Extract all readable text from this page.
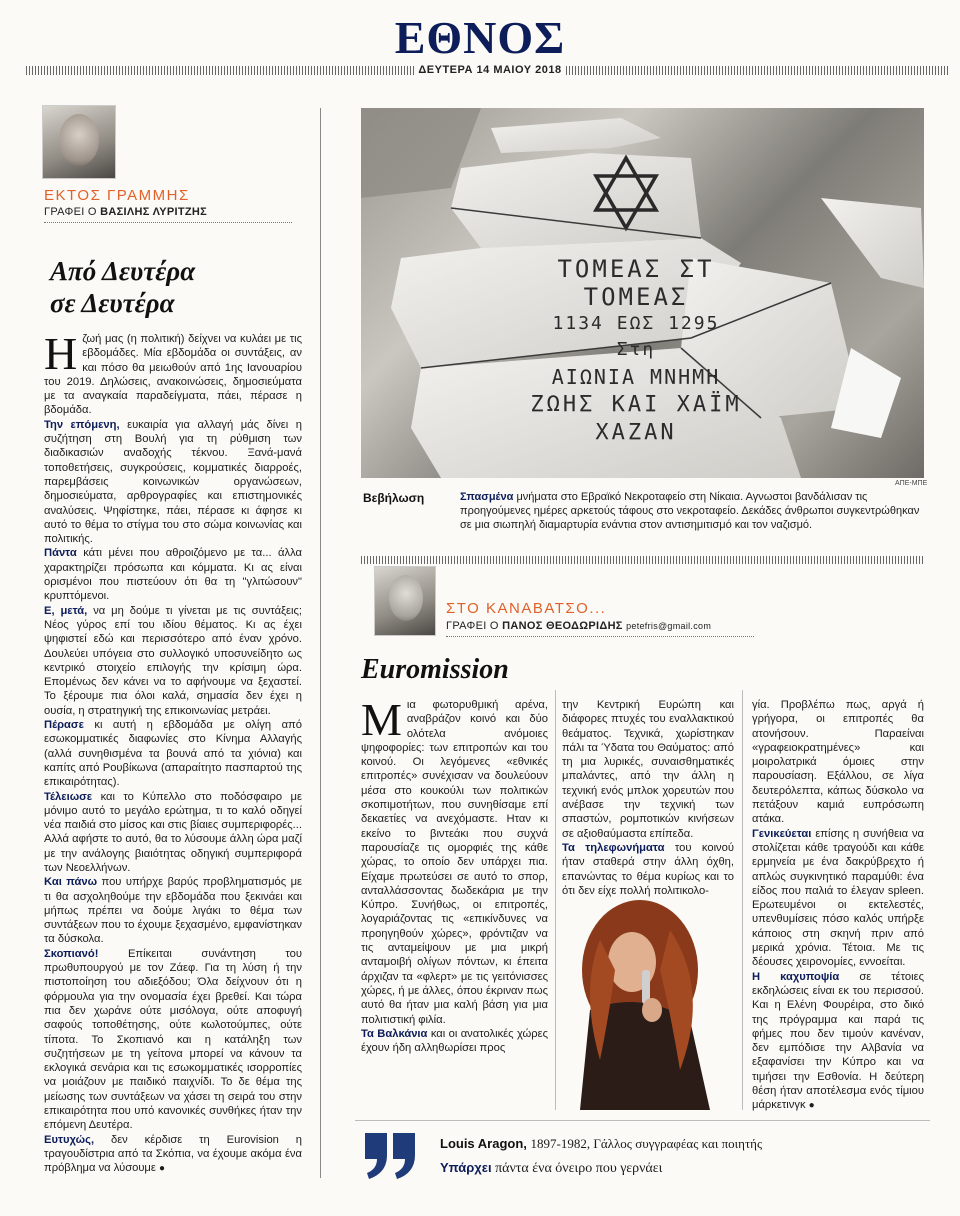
ΕΘΝΟΣ
ΔΕΥΤΕΡΑ 14 ΜΑΙΟΥ 2018
ΕΚΤΟΣ ΓΡΑΜΜΗΣ
ΓΡΑΦΕΙ Ο ΒΑΣΙΛΗΣ ΛΥΡΙΤΖΗΣ
Από Δευτέρα
σε Δευτέρα
Η ζωή μας (η πολιτική) δείχνει να κυλάει με τις εβδομάδες. Μία εβδομάδα οι συντάξεις, αν και πόσο θα μειωθούν από 1ης Ιανουαρίου του 2019. Δηλώσεις, ανακοινώσεις, δημοσιεύματα με τα αναγκαία παραδείγματα, πάει, πέρασε η βδομάδα.

Την επόμενη, ευκαιρία για αλλαγή μάς δίνει η συζήτηση στη Βουλή για τη ρύθμιση των διαδικασιών αναδοχής τέκνου. Ξανά-μανά τοποθετήσεις, συγκρούσεις, κομματικές διαρροές, παρεμβάσεις κοινωνικών οργανώσεων, δημοσιεύματα, αρθρογραφίες και επιστημονικές αναλύσεις. Ψηφίστηκε, πάει, πέρασε κι άφησε κι αυτό το θέμα το στίγμα του στο σώμα κοινωνίας και πολιτικής.

Πάντα κάτι μένει που αθροιζόμενο με τα... άλλα χαρακτηρίζει πρόσωπα και κόμματα. Κι ας είναι ορισμένοι που πιστεύουν ότι θα τη "γλιτώσουν" κρυπτόμενοι.

Ε, μετά, να μη δούμε τι γίνεται με τις συντάξεις; Νέος γύρος επί του ιδίου θέματος. Κι ας έχει ψηφιστεί εδώ και περισσότερο από έναν χρόνο. Δουλεύει υπόγεια στο συλλογικό υποσυνείδητο ως κεντρικό στοιχείο επιλογής την κρίσιμη ώρα. Επομένως δεν κάνει να το αφήνουμε να ξεχαστεί. Το ξέρουμε πια όλοι καλά, σημασία δεν έχει η ουσία, η στρατηγική της επικοινωνίας μετράει.

Πέρασε κι αυτή η εβδομάδα με ολίγη από εσωκομματικές διαφωνίες στο Κίνημα Αλλαγής (αλλά συνηθισμένα τα βουνά από τα χιόνια) και καπίτς από Ρουβίκωνα (απαραίτητο πασπαρτού της επικαιρότητας).

Τέλειωσε και το Κύπελλο στο ποδόσφαιρο με μόνιμο αυτό το μεγάλο ερώτημα, τι το καλό οδηγεί νέα παιδιά στο μίσος και στις βίαιες συμπεριφορές... Αλλά αφήστε το αυτό, θα το λύσουμε άλλη ώρα μαζί με την ανάλογης βιαιότητας οδηγική συμπεριφορά των Νεοελλήνων.

Και πάνω που υπήρχε βαρύς προβληματισμός με τι θα ασχοληθούμε την εβδομάδα που ξεκινάει και μήπως πρέπει να δούμε λιγάκι το θέμα των συντάξεων που το έχουμε ξεχασμένο, εμφανίστηκαν τα δύσκολα.

Σκοπιανό!	Επίκειται συνάντηση του πρωθυπουργού με τον Ζάεφ. Για τη λύση ή την πιστοποίηση του αδιεξόδου; Όλα δείχνουν ότι η φόρμουλα για την ονομασία έχει βρεθεί. Και τώρα πια δεν χωράνε ούτε μισόλογα, ούτε αποφυγή σαφούς τοποθέτησης, ούτε κωλοτούμπες, ούτε τίποτα. Το Σκοπιανό και η κατάληξη των συζητήσεων με τη γείτονα μπορεί να κάνουν τα εκλογικά σενάρια και τις εσωκομματικές ισορροπίες να μοιάζουν με παιδικό παιχνίδι. Το δε θέμα της μείωσης των συντάξεων να χάσει τη σειρά του στην επικαιρότητα που υπό κανονικές συνθήκες ήταν την επόμενη Δευτέρα.

Ευτυχώς, δεν κέρδισε τη Eurovision η τραγουδίστρια από τα Σκόπια, να έχουμε ακόμα ένα πρόβλημα να λύσουμε ●

ΤΟΜΕΑΣ ΣΤ
ΤΟΜΕΑΣ
1134 ΕΩΣ 1295
Στη
ΑΙΩΝΙΑ ΜΝΗΜΗ
ΖΩΗΣ ΚΑΙ ΧΑΪΜ
ΧΑΖΑΝ
ΑΠΕ-ΜΠΕ
Βεβήλωση	Σπασμένα μνήματα στο Εβραϊκό Νεκροταφείο στη Νίκαια. Αγνωστοι βανδάλισαν τις προηγούμενες ημέρες αρκετούς τάφους στο νεκροταφείο. Δεκάδες άνθρωποι συγκεντρώθηκαν σε μια σιωπηλή διαμαρτυρία ενάντια στον αντισημιτισμό και τον ναζισμό.
ΣΤΟ ΚΑΝΑΒΑΤΣΟ...
ΓΡΑΦΕΙ Ο ΠΑΝΟΣ ΘΕΟΔΩΡΙΔΗΣ petefris@gmail.com
Euromission
Μ ια φωτορυθμική αρένα, αναβράζον κοινό και δύο ολότελα ανόμοιες ψηφοφορίες: των επιτροπών και του κοινού. Οι λεγόμενες «εθνικές επιτροπές» συνέχισαν να δουλεύουν μέσα στο κουκούλι των πολιτικών σκοπιμοτήτων, που συνηθίσαμε επί δεκαετίες να ανεχόμαστε. Ηταν κι εκείνο το βιντεάκι που συχνά παρουσίαζε τις ομορφιές της κάθε χώρας, το οποίο δεν υπάρχει πια. Είχαμε πρωτεύσει σε αυτό το σπορ, ανταλλάσσοντας δωδεκάρια με την Κύπρο. Συνήθως, οι επιτροπές, λογαριάζοντας τις «επικίνδυνες να προηγηθούν χώρες», φρόντιζαν να τις ανταμείψουν με μια μικρή ανταμοιβή ολίγων πόντων, κι έπειτα άρχιζαν τα «φλερτ» με τις γειτόνισσες χώρες, ή με άλλες, όπου έκριναν πως αυτό θα ήταν μια καλή βάση για μια πολιτιστική φιλία.

Τα Βαλκάνια και οι ανατολικές χώρες έχουν ήδη αλληθωρίσει προς

την Κεντρική Ευρώπη και διάφορες πτυχές του εναλλακτικού θεάματος. Τεχνικά, χωρίστηκαν πάλι τα Ύδατα του Θαύματος: από τη μια λυρικές, συναισθηματικές μπαλάντες, από την άλλη η τεχνική ενός μπλοκ χορευτών που ανέβασε την τεχνική των σπαστών, ρομποτικών κινήσεων σε αξιοθαύμαστα επίπεδα.

Τα τηλεφωνήματα του κοινού ήταν σταθερά στην άλλη όχθη, επανώντας το θέμα κυρίως και το ότι δεν είχε πολλή πολιτικολο-

γία. Προβλέπω πως, αργά ή γρήγορα, οι επιτροπές θα ατονήσουν. Παραείναι «γραφειοκρατημένες» και μοιρολατρικά όμοιες στην παρουσίαση. Εξάλλου, σε λίγα δευτερόλεπτα, κάπως δύσκολο να πετάξουν καμιά ευπρόσωπη ατάκα.

Γενικεύεται επίσης η συνήθεια να στολίζεται κάθε τραγούδι και κάθε ερμηνεία με ένα δακρύβρεχτο ή απλώς συγκινητικό παραμύθι: ένα είδος που παλιά το έλεγαν spleen. Ερωτευμένοι οι εκτελεστές, υπενθυμίσεις πόσο καλός υπήρξε κάποιος στη σκηνή πριν από μερικά χρόνια. Τέτοια. Με τις δέουσες χειρονομίες, εννοείται.

Η καχυποψία σε τέτοιες εκδηλώσεις είναι εκ του περισσού. Και η Ελένη Φουρέιρα, στο δικό της πρόγραμμα και παρά τις φήμες που δεν τιμούν κανέναν, δεν εμπόδισε την Αλβανία να εξαφανίσει την Κύπρο και να τιμήσει την Εσθονία. Η δεύτερη θέση ήταν αποτέλεσμα ενός τίμιου μάρκετινγκ ●

Louis Aragon, 1897-1982, Γάλλος συγγραφέας και ποιητής
Υπάρχει πάντα ένα όνειρο που γερνάει
